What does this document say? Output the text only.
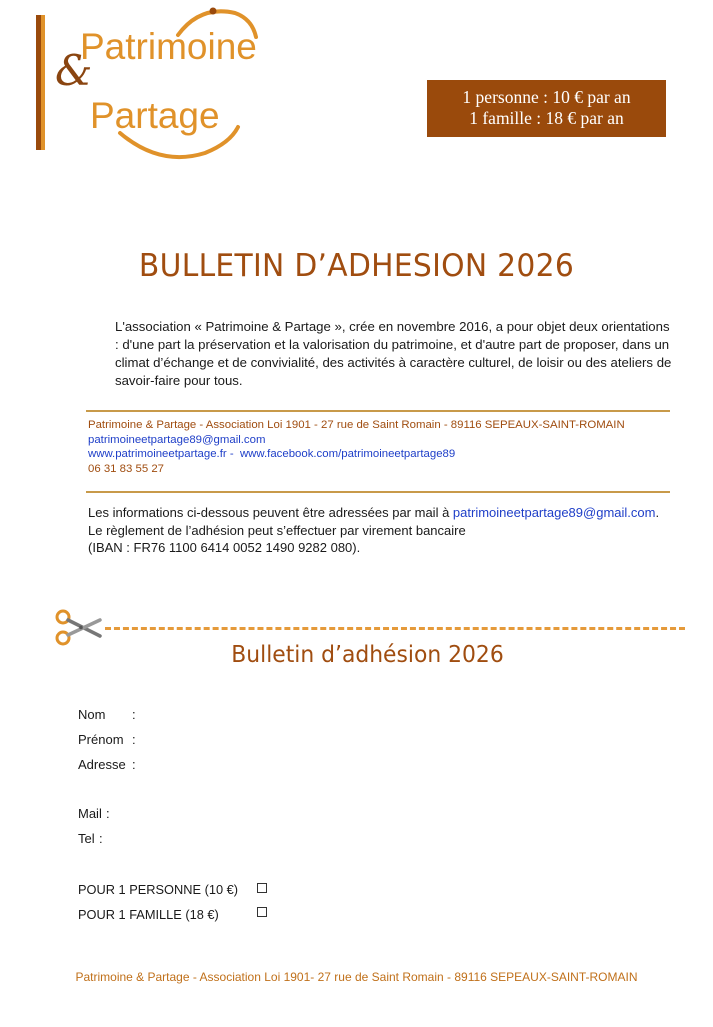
Patrimoine
&
Partage	1 personne : 10 € par an
1 famille : 18 € par an
BULLETIN D’ADHESION 2026
L'association « Patrimoine & Partage », crée en novembre 2016, a pour objet deux orientations : d'une part la préservation et la valorisation du patrimoine, et d'autre part de proposer, dans un climat d’échange et de convivialité, des activités à caractère culturel, de loisir ou des ateliers de savoir-faire pour tous.
Patrimoine & Partage - Association Loi 1901 - 27 rue de Saint Romain - 89116 SEPEAUX-SAINT-ROMAIN
patrimoineetpartage89@gmail.com
www.patrimoineetpartage.fr -  www.facebook.com/patrimoineetpartage89
06 31 83 55 27
Les informations ci-dessous peuvent être adressées par mail à patrimoineetpartage89@gmail.com.
Le règlement de l’adhésion peut s’effectuer par virement bancaire
(IBAN : FR76 1100 6414 0052 1490 9282 080).
Bulletin d’adhésion 2026
Nom :
Prénom :
Adresse :
Mail :
Tel :
POUR 1 PERSONNE (10 €)
POUR 1 FAMILLE (18 €)
Patrimoine & Partage - Association Loi 1901- 27 rue de Saint Romain - 89116 SEPEAUX-SAINT-ROMAIN
